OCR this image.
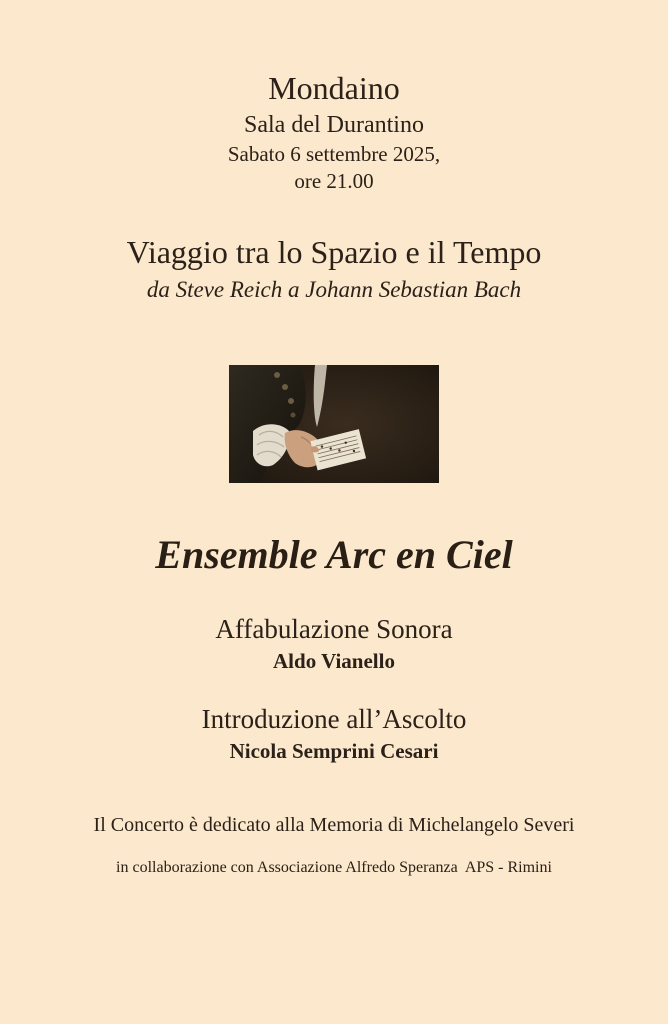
Mondaino
Sala del Durantino
Sabato 6 settembre 2025,
ore 21.00
Viaggio tra lo Spazio e il Tempo
da Steve Reich a Johann Sebastian Bach
Ensemble Arc en Ciel
Affabulazione Sonora
Aldo Vianello
Introduzione all’Ascolto
Nicola Semprini Cesari
Il Concerto è dedicato alla Memoria di Michelangelo Severi
in collaborazione con Associazione Alfredo Speranza  APS - Rimini
